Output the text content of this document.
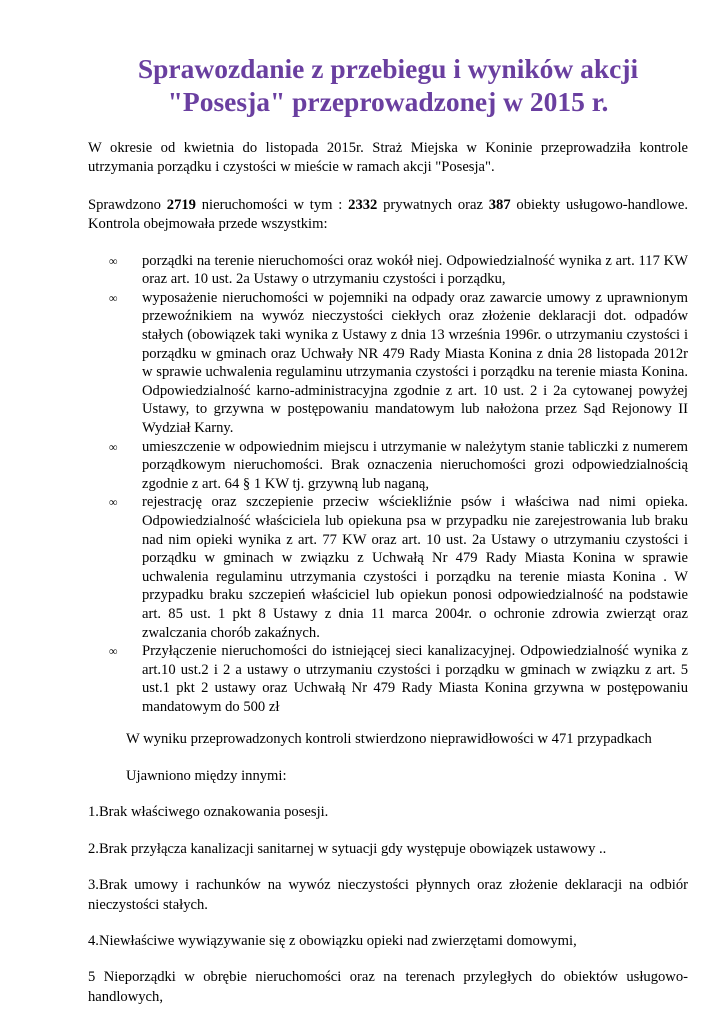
Sprawozdanie z przebiegu i wyników akcji
"Posesja" przeprowadzonej w 2015 r.

W okresie od kwietnia do listopada 2015r. Straż Miejska w Koninie przeprowadziła kontrole utrzymania porządku i czystości w mieście w ramach akcji "Posesja".

Sprawdzono 2719 nieruchomości w tym : 2332 prywatnych oraz 387 obiekty usługowo-handlowe. Kontrola obejmowała przede wszystkim:

∞ porządki na terenie nieruchomości oraz wokół niej. Odpowiedzialność wynika z art. 117 KW oraz art. 10 ust. 2a Ustawy o utrzymaniu czystości i porządku,
∞ wyposażenie nieruchomości w pojemniki na odpady oraz zawarcie umowy z uprawnionym przewoźnikiem na wywóz nieczystości ciekłych oraz złożenie deklaracji dot. odpadów stałych (obowiązek taki wynika z Ustawy z dnia 13 września 1996r. o utrzymaniu czystości i porządku w gminach oraz Uchwały NR 479 Rady Miasta Konina z dnia 28 listopada 2012r w sprawie uchwalenia regulaminu utrzymania czystości i porządku na terenie miasta Konina. Odpowiedzialność karno-administracyjna zgodnie z art. 10 ust. 2 i 2a cytowanej powyżej Ustawy, to grzywna w postępowaniu mandatowym lub nałożona przez Sąd Rejonowy II Wydział Karny.
∞ umieszczenie w odpowiednim miejscu i utrzymanie w należytym stanie tabliczki z numerem porządkowym nieruchomości. Brak oznaczenia nieruchomości grozi odpowiedzialnością zgodnie z art. 64 § 1 KW tj. grzywną lub naganą,
∞ rejestrację oraz szczepienie przeciw wściekliźnie psów i właściwa nad nimi opieka. Odpowiedzialność właściciela lub opiekuna psa w przypadku nie zarejestrowania lub braku nad nim opieki wynika z art. 77 KW oraz art. 10 ust. 2a Ustawy o utrzymaniu czystości i porządku w gminach w związku z Uchwałą Nr 479 Rady Miasta Konina w sprawie uchwalenia regulaminu utrzymania czystości i porządku na terenie miasta Konina . W przypadku braku szczepień właściciel lub opiekun ponosi odpowiedzialność na podstawie art. 85 ust. 1 pkt 8 Ustawy z dnia 11 marca 2004r. o ochronie zdrowia zwierząt oraz zwalczania chorób zakaźnych.
∞ Przyłączenie nieruchomości do istniejącej sieci kanalizacyjnej. Odpowiedzialność wynika z art.10 ust.2 i 2 a ustawy o utrzymaniu czystości i porządku w gminach w związku z art. 5 ust.1 pkt 2 ustawy oraz Uchwałą Nr 479 Rady Miasta Konina grzywna w postępowaniu mandatowym do 500 zł

W wyniku przeprowadzonych kontroli stwierdzono nieprawidłowości w 471 przypadkach

Ujawniono między innymi:

1.Brak właściwego oznakowania posesji.

2.Brak przyłącza kanalizacji sanitarnej w sytuacji gdy występuje obowiązek ustawowy ..

3.Brak umowy i rachunków na wywóz nieczystości płynnych oraz złożenie deklaracji na odbiór nieczystości stałych.

4.Niewłaściwe wywiązywanie się z obowiązku opieki nad zwierzętami domowymi,

5 Nieporządki w obrębie nieruchomości oraz na terenach przyległych do obiektów usługowo-handlowych,
